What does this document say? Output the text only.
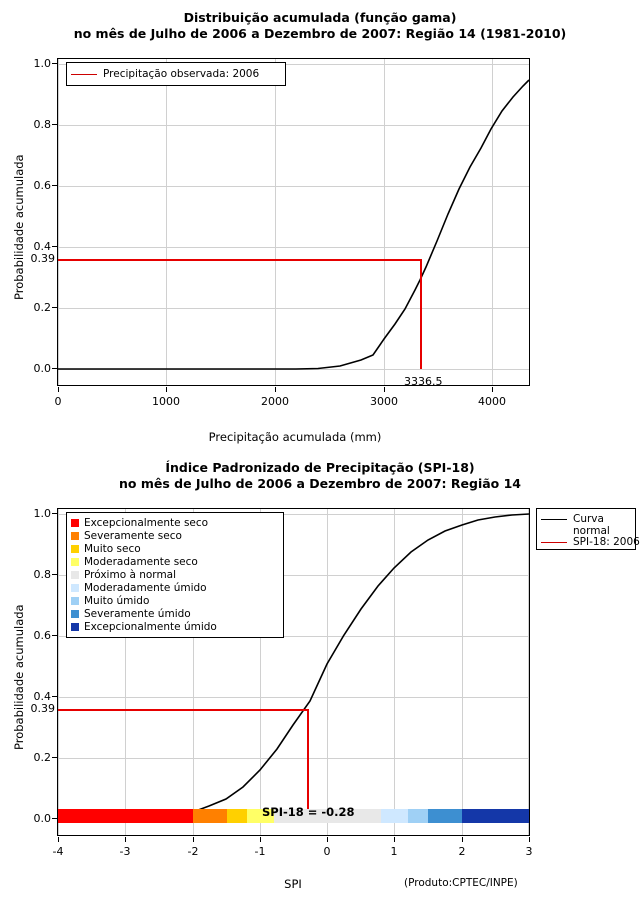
Distribuição acumulada (função gama)
no mês de Julho de 2006 a Dezembro de 2007: Região 14 (1981-2010)
Precipitação observada: 2006
0.0
0.2
0.4
0.6
0.8
1.0
0.39
0	1000	2000	3000	4000
3336.5
Precipitação acumulada (mm)
Probabilidade acumulada
Índice Padronizado de Precipitação (SPI-18)
no mês de Julho de 2006 a Dezembro de 2007: Região 14
Excepcionalmente seco
Severamente seco
Muito seco
Moderadamente seco
Próximo à normal
Moderadamente úmido
Muito úmido
Severamente úmido
Excepcionalmente úmido
SPI-18 = -0.28
Curva normal
SPI-18: 2006
0.0
0.2
0.4
0.6
0.8
1.0
0.39
-4	-3	-2	-1	0	1	2	3
SPI
Probabilidade acumulada
(Produto:CPTEC/INPE)
